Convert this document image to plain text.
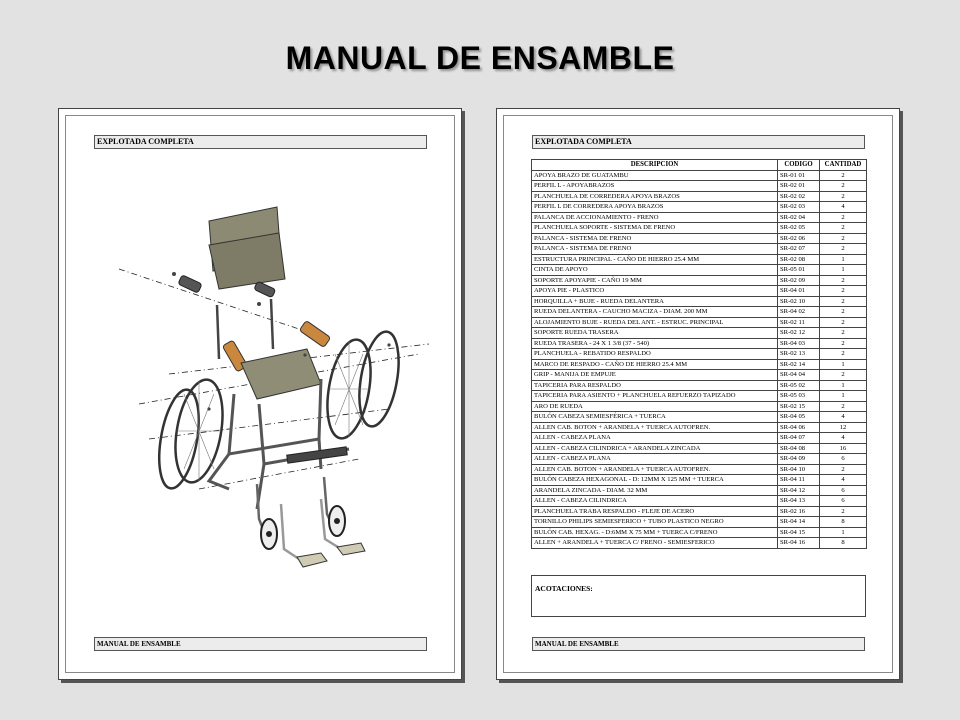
MANUAL DE ENSAMBLE
EXPLOTADA COMPLETA
MANUAL DE ENSAMBLE
EXPLOTADA COMPLETA
DESCRIPCION	CODIGO	CANTIDAD
APOYA BRAZO DE GUATAMBU	SR-01 01	2
PERFIL L - APOYABRAZOS	SR-02 01	2
PLANCHUELA DE CORREDERA APOYA BRAZOS	SR-02 02	2
PERFIL L DE CORREDERA APOYA BRAZOS	SR-02 03	4
PALANCA DE ACCIONAMIENTO - FRENO	SR-02 04	2
PLANCHUELA SOPORTE - SISTEMA DE FRENO	SR-02 05	2
PALANCA - SISTEMA DE FRENO	SR-02 06	2
PALANCA - SISTEMA DE FRENO	SR-02 07	2
ESTRUCTURA PRINCIPAL - CAÑO DE HIERRO 25.4 MM	SR-02 08	1
CINTA DE APOYO	SR-05 01	1
SOPORTE APOYAPIE - CAÑO 19 MM	SR-02 09	2
APOYA PIE - PLASTICO	SR-04 01	2
HORQUILLA + BUJE - RUEDA DELANTERA	SR-02 10	2
RUEDA DELANTERA - CAUCHO MACIZA - DIAM. 200 MM	SR-04 02	2
ALOJAMIENTO BUJE - RUEDA DEL ANT. - ESTRUC. PRINCIPAL	SR-02 11	2
SOPORTE RUEDA TRASERA	SR-02 12	2
RUEDA TRASERA - 24 X 1 3/8 (37 - 540)	SR-04 03	2
PLANCHUELA - REBATIDO RESPALDO	SR-02 13	2
MARCO DE RESPADO - CAÑO DE HIERRO 25.4 MM	SR-02 14	1
GRIP - MANIJA DE EMPUJE	SR-04 04	2
TAPICERIA PARA RESPALDO	SR-05 02	1
TAPICERIA PARA ASIENTO + PLANCHUELA REFUERZO TAPIZADO	SR-05 03	1
ARO DE RUEDA	SR-02 15	2
BULÓN CABEZA SEMIESFÉRICA + TUERCA	SR-04 05	4
ALLEN CAB. BOTON + ARANDELA + TUERCA AUTOFREN.	SR-04 06	12
ALLEN - CABEZA PLANA	SR-04 07	4
ALLEN - CABEZA CILINDRICA + ARANDELA ZINCADA	SR-04 08	16
ALLEN - CABEZA PLANA	SR-04 09	6
ALLEN CAB. BOTON + ARANDELA + TUERCA AUTOFREN.	SR-04 10	2
BULÓN CABEZA HEXAGONAL - D: 12MM X 125 MM + TUERCA	SR-04 11	4
ARANDELA ZINCADA - DIAM. 32 MM	SR-04 12	6
ALLEN - CABEZA CILINDRICA	SR-04 13	6
PLANCHUELA TRABA RESPALDO - FLEJE DE ACERO	SR-02 16	2
TORNILLO PHILIPS SEMIESFERICO + TUBO PLASTICO NEGRO	SR-04 14	8
BULÓN CAB. HEXAG. - D:6MM X 75 MM + TUERCA C/FRENO	SR-04 15	1
ALLEN + ARANDELA + TUERCA C/ FRENO - SEMIESFERICO	SR-04 16	8
ACOTACIONES:
MANUAL DE ENSAMBLE
